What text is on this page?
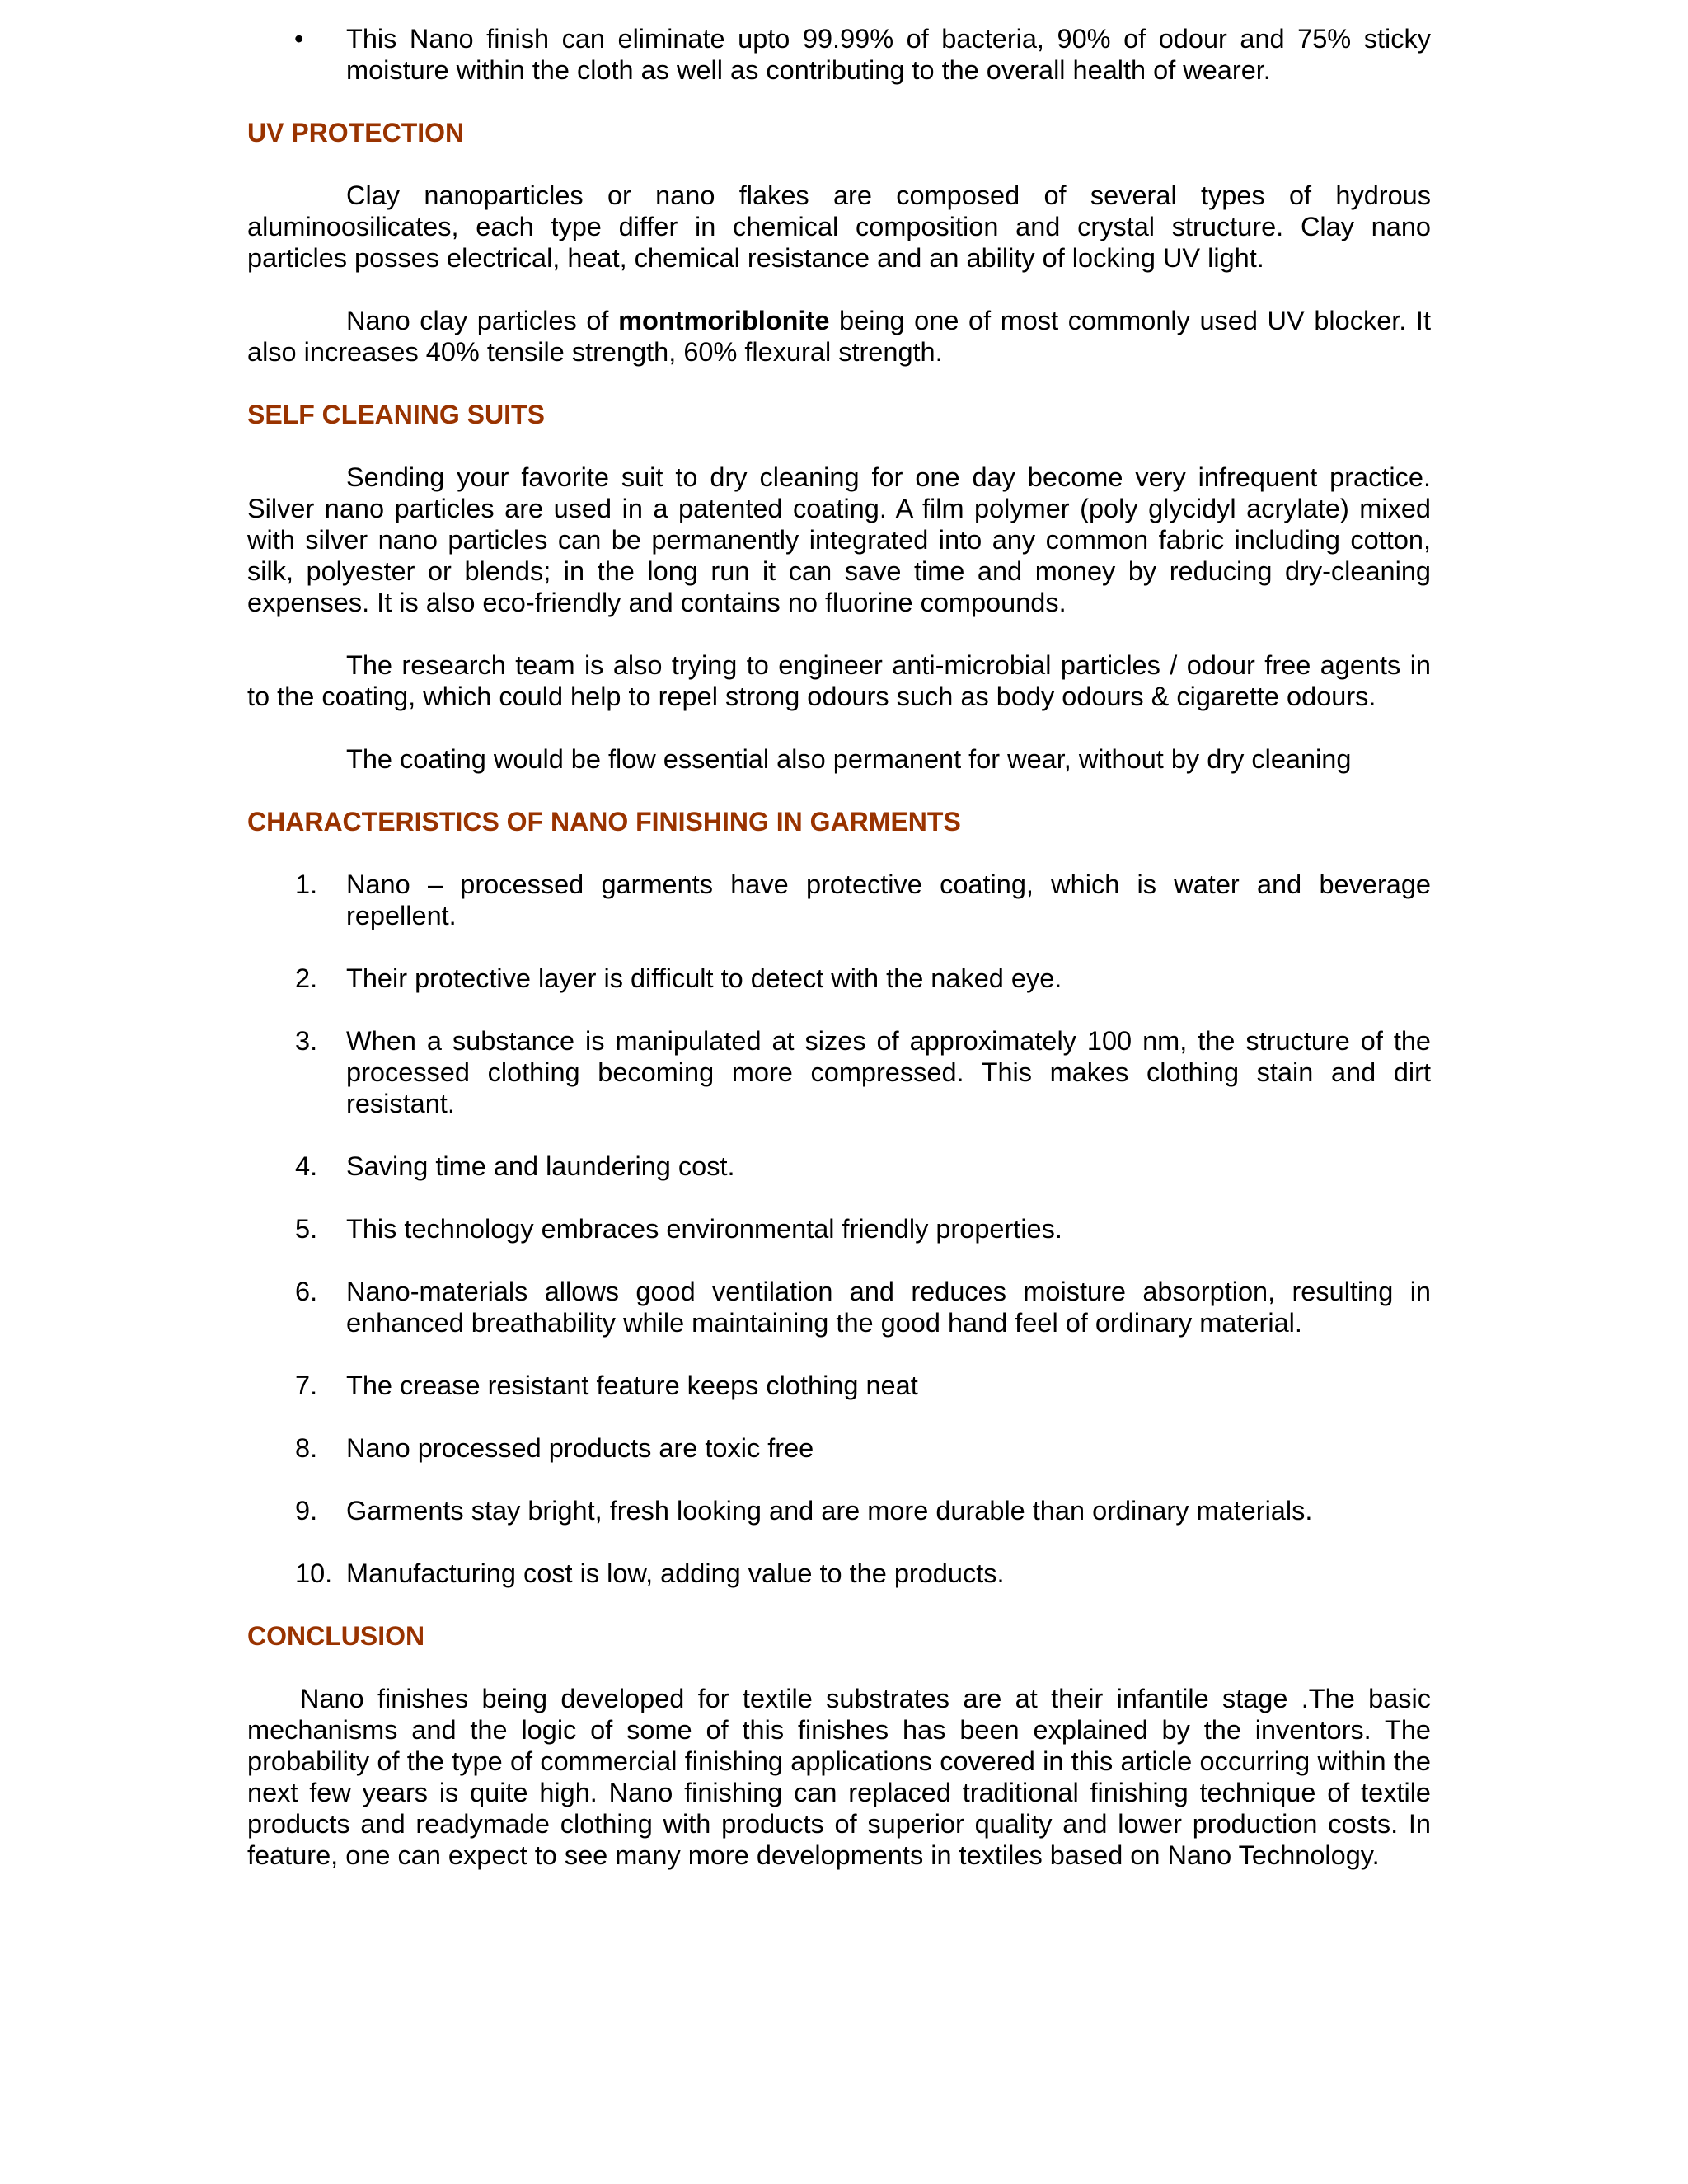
• This Nano finish can eliminate upto 99.99% of bacteria, 90% of odour and 75% sticky moisture within the cloth as well as contributing to the overall health of wearer.
UV PROTECTION

Clay nanoparticles or nano flakes are composed of several types of hydrous aluminoosilicates, each type differ in chemical composition and crystal structure. Clay nano particles posses electrical, heat, chemical resistance and an ability of locking UV light.

Nano clay particles of montmoriblonite being one of most commonly used UV blocker. It also increases 40% tensile strength, 60% flexural strength.

SELF CLEANING SUITS

Sending your favorite suit to dry cleaning for one day become very infrequent practice. Silver nano particles are used in a patented coating. A film polymer (poly glycidyl acrylate) mixed with silver nano particles can be permanently integrated into any common fabric including cotton, silk, polyester or blends; in the long run it can save time and money by reducing dry-cleaning expenses. It is also eco-friendly and contains no fluorine compounds.

The research team is also trying to engineer anti-microbial particles / odour free agents in to the coating, which could help to repel strong odours such as body odours & cigarette odours.

The coating would be flow essential also permanent for wear, without by dry cleaning

CHARACTERISTICS OF NANO FINISHING IN GARMENTS
1. Nano – processed garments have protective coating, which is water and beverage repellent.
2. Their protective layer is difficult to detect with the naked eye.
3. When a substance is manipulated at sizes of approximately 100 nm, the structure of the processed clothing becoming more compressed. This makes clothing stain and dirt resistant.
4. Saving time and laundering cost.
5. This technology embraces environmental friendly properties.
6. Nano-materials allows good ventilation and reduces moisture absorption, resulting in enhanced breathability while maintaining the good hand feel of ordinary material.
7. The crease resistant feature keeps clothing neat
8. Nano processed products are toxic free
9. Garments stay bright, fresh looking and are more durable than ordinary materials.
10. Manufacturing cost is low, adding value to the products.
CONCLUSION

Nano finishes being developed for textile substrates are at their infantile stage .The basic mechanisms and the logic of some of this finishes has been explained by the inventors. The probability of the type of commercial finishing applications covered in this article occurring within the next few years is quite high. Nano finishing can replaced traditional finishing technique of textile products and readymade clothing with products of superior quality and lower production costs. In feature, one can expect to see many more developments in textiles based on Nano Technology.
